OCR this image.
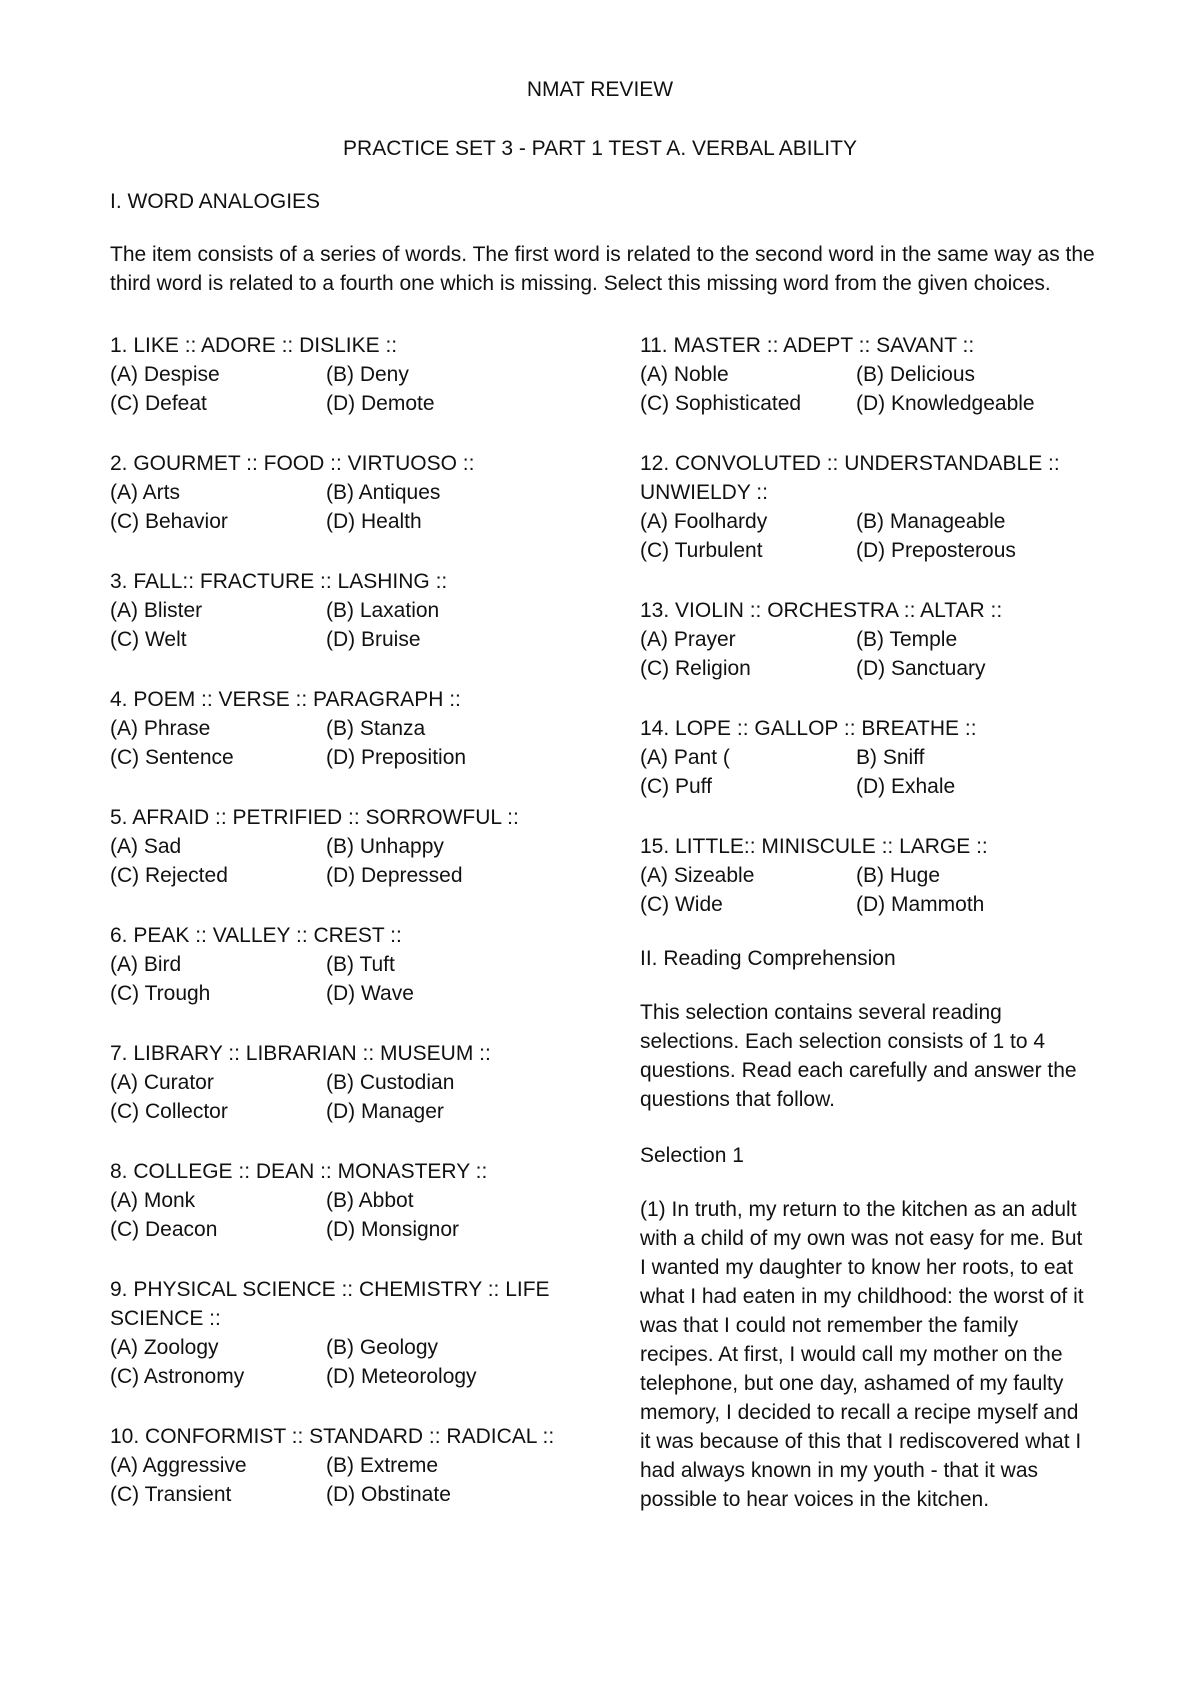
NMAT REVIEW
PRACTICE SET 3 - PART 1 TEST A. VERBAL ABILITY
I. WORD ANALOGIES
The item consists of a series of words. The first word is related to the second word in the same way as the third word is related to a fourth one which is missing. Select this missing word from the given choices.
1. LIKE :: ADORE :: DISLIKE ::
(A) Despise	(B) Deny
(C) Defeat	(D) Demote
2. GOURMET :: FOOD :: VIRTUOSO ::
(A) Arts	(B) Antiques
(C) Behavior	(D) Health
3. FALL:: FRACTURE :: LASHING ::
(A) Blister	(B) Laxation
(C) Welt	(D) Bruise
4. POEM :: VERSE :: PARAGRAPH ::
(A) Phrase	(B) Stanza
(C) Sentence	(D) Preposition
5. AFRAID :: PETRIFIED :: SORROWFUL ::
(A) Sad	(B) Unhappy
(C) Rejected	(D) Depressed
6. PEAK :: VALLEY :: CREST ::
(A) Bird	(B) Tuft
(C) Trough	(D) Wave
7. LIBRARY :: LIBRARIAN :: MUSEUM ::
(A) Curator	(B) Custodian
(C) Collector	(D) Manager
8. COLLEGE :: DEAN :: MONASTERY ::
(A) Monk	(B) Abbot
(C) Deacon	(D) Monsignor
9. PHYSICAL SCIENCE :: CHEMISTRY :: LIFE SCIENCE ::
(A) Zoology	(B) Geology
(C) Astronomy	(D) Meteorology
10. CONFORMIST :: STANDARD :: RADICAL ::
(A) Aggressive	(B) Extreme
(C) Transient	(D) Obstinate
11. MASTER :: ADEPT :: SAVANT ::
(A) Noble	(B) Delicious
(C) Sophisticated	(D) Knowledgeable
12. CONVOLUTED :: UNDERSTANDABLE :: UNWIELDY ::
(A) Foolhardy	(B) Manageable
(C) Turbulent	(D) Preposterous
13. VIOLIN :: ORCHESTRA :: ALTAR ::
(A) Prayer	(B) Temple
(C) Religion	(D) Sanctuary
14. LOPE :: GALLOP :: BREATHE ::
(A) Pant (	B) Sniff
(C) Puff	(D) Exhale
15. LITTLE:: MINISCULE :: LARGE ::
(A) Sizeable	(B) Huge
(C) Wide	(D) Mammoth
II. Reading Comprehension
This selection contains several reading selections. Each selection consists of 1 to 4 questions. Read each carefully and answer the questions that follow.
Selection 1
(1) In truth, my return to the kitchen as an adult with a child of my own was not easy for me. But I wanted my daughter to know her roots, to eat what I had eaten in my childhood: the worst of it was that I could not remember the family recipes. At first, I would call my mother on the telephone, but one day, ashamed of my faulty memory, I decided to recall a recipe myself and it was because of this that I rediscovered what I had always known in my youth - that it was possible to hear voices in the kitchen.
